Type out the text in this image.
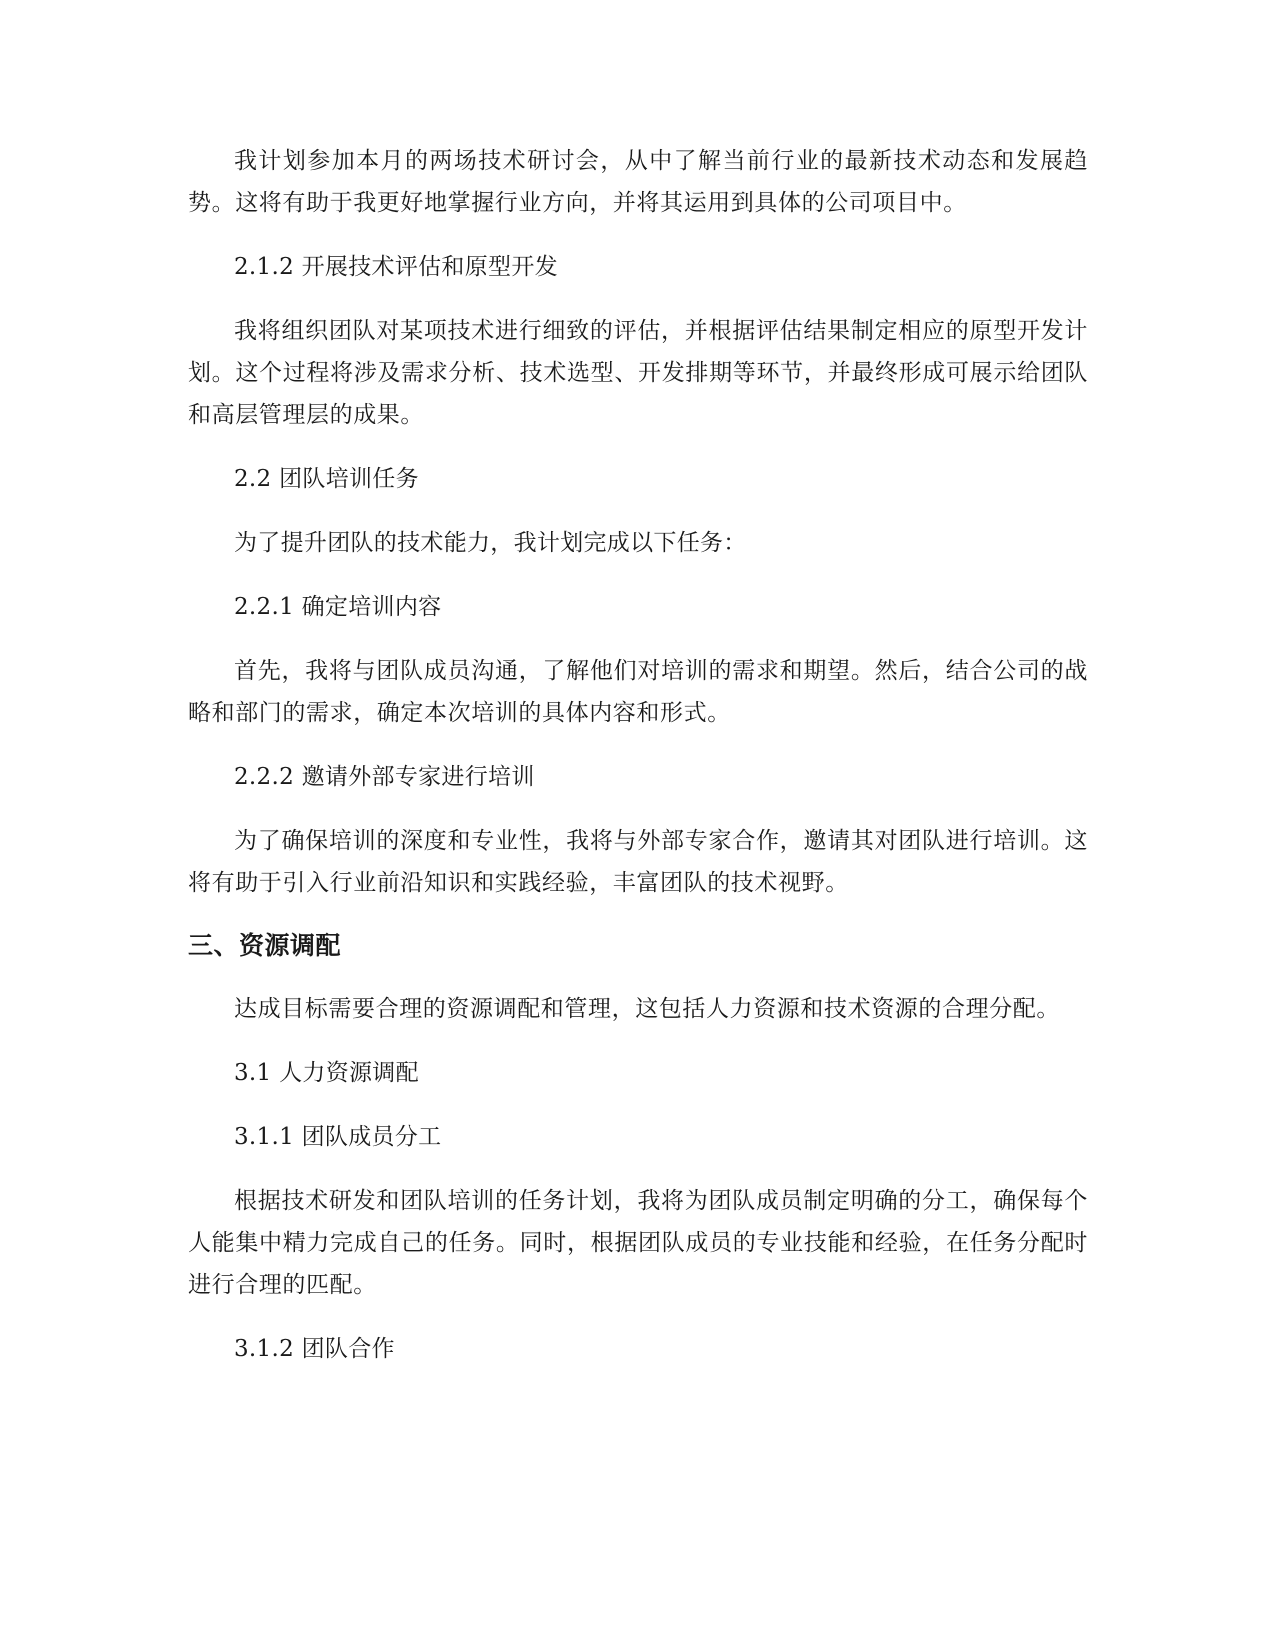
我计划参加本月的两场技术研讨会，从中了解当前行业的最新技术动态和发展趋势。这将有助于我更好地掌握行业方向，并将其运用到具体的公司项目中。

2.1.2 开展技术评估和原型开发

我将组织团队对某项技术进行细致的评估，并根据评估结果制定相应的原型开发计划。这个过程将涉及需求分析、技术选型、开发排期等环节，并最终形成可展示给团队和高层管理层的成果。

2.2 团队培训任务

为了提升团队的技术能力，我计划完成以下任务：

2.2.1 确定培训内容

首先，我将与团队成员沟通，了解他们对培训的需求和期望。然后，结合公司的战略和部门的需求，确定本次培训的具体内容和形式。

2.2.2 邀请外部专家进行培训

为了确保培训的深度和专业性，我将与外部专家合作，邀请其对团队进行培训。这将有助于引入行业前沿知识和实践经验，丰富团队的技术视野。

三、资源调配

达成目标需要合理的资源调配和管理，这包括人力资源和技术资源的合理分配。

3.1 人力资源调配

3.1.1 团队成员分工

根据技术研发和团队培训的任务计划，我将为团队成员制定明确的分工，确保每个人能集中精力完成自己的任务。同时，根据团队成员的专业技能和经验，在任务分配时进行合理的匹配。

3.1.2 团队合作
